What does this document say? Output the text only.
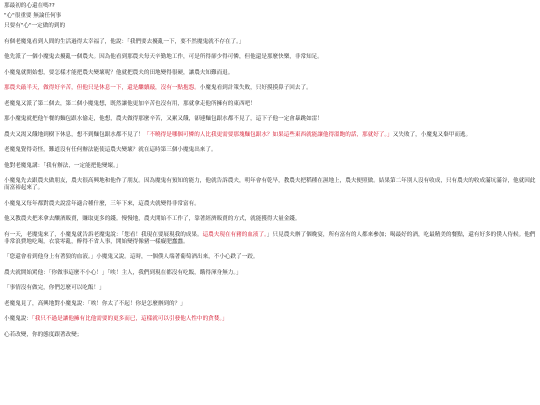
那最初的心還在嗎??

"心"很重要 無論任何事

只要有"心"一定做的到的

有個老魔鬼看到人間的生活過得太幸福了，他說：「我們要去擾亂一下，要不然魔鬼就不存在了。」

他先派了一個小魔鬼去擾亂一個農夫。因為他看到那農夫每天辛勤地工作，可是所得卻少得可憐，但他還是那麼快樂，非常知足。

小魔鬼就開始想，要怎樣才能把農夫變壞呢？他就把農夫的田地變得很硬，讓農夫知難而退。

那農夫敲半天，做得好辛苦，但他只是休息一下，還是繼續敲，沒有一點抱怨。小魔鬼看到計策失敗，只好摸摸鼻子回去了。

老魔鬼又派了第二個去，第二個小魔鬼想，既然讓他更加辛苦也沒有用，那就拿走他所擁有的東西吧！

那小魔鬼就把他午餐的麵包跟水偷走，他想，農夫做得那麼辛苦，又累又餓，卻連麵包跟水都不見了，這下子他一定會暴跳如雷！

農夫又渴又餓地到樹下休息，想不到麵包跟水都不見了！「不曉得是哪個可憐的人比我更需要那塊麵包跟水？如果這些東西就能讓他得溫飽的話，那就好了。」又失敗了，小魔鬼又棄甲而逃。

老魔鬼覺得奇怪，難道沒有任何辦法能使這農夫變壞？就在這時第三個小魔鬼出來了。

他對老魔鬼講：「我有辦法，一定能把他變壞。」

小魔鬼先去跟農夫做朋友，農夫很高興地和他作了朋友。因為魔鬼有預知的能力，他就告訴農夫，明年會有乾旱，教農夫把稻種在濕地上，農夫便照做。結果第二年別人沒有收成，只有農夫的收成滿坑滿谷，他就因此而富裕起來了。

小魔鬼又每年都對農夫說當年適合種什麼，三年下來，這農夫就變得非常富有。

他又教農夫把米拿去釀酒販賣，賺取更多的錢。慢慢地，農夫開始不工作了，靠著經濟販賣的方式，就能獲得大量金錢。

有一天，老魔鬼來了，小魔鬼就告訴老魔鬼說：「您看！我現在要展現我的成果。這農夫現在有豬的血液了。」只見農夫辦了個晚宴，所有富有的人都來參加；喝最好的酒，吃最精美的餐點，還有好多的僕人侍候。他們非常浪費地吃喝，衣裳零亂，醉得不省人事，開始變得像豬一樣癡肥蠢蠢。

「您還會看到他身上有著狼的血液。」小魔鬼又說。這時，一個僕人端著葡萄酒出來，不小心跌了一跤。

農夫就開始罵他：「你做事這麼不小心！」「唉！主人，我們到現在都沒有吃飯，餓得渾身無力。」

「事情沒有做完，你們怎麼可以吃飯！」

老魔鬼見了，高興地對小魔鬼說：「唉！你太了不起！你是怎麼辦到的？」

小魔鬼說：「我只不過是讓他擁有比他需要的更多而已，這樣就可以引發他人性中的貪婪。」

心若改變，你的態度跟著改變；
